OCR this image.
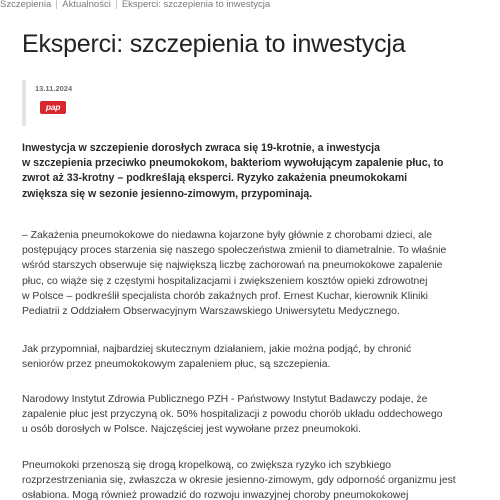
Szczepienia Aktualności Eksperci: szczepienia to inwestycja
Eksperci: szczepienia to inwestycja
13.11.2024
pap

Inwestycja w szczepienie dorosłych zwraca się 19-krotnie, a inwestycja
w szczepienia przeciwko pneumokokom, bakteriom wywołującym zapalenie płuc, to
zwrot aż 33-krotny – podkreślają eksperci. Ryzyko zakażenia pneumokokami
zwiększa się w sezonie jesienno-zimowym, przypominają.

– Zakażenia pneumokokowe do niedawna kojarzone były głównie z chorobami dzieci, ale
postępujący proces starzenia się naszego społeczeństwa zmienił to diametralnie. To właśnie
wśród starszych obserwuje się największą liczbę zachorowań na pneumokokowe zapalenie
płuc, co wiąże się z częstymi hospitalizacjami i zwiększeniem kosztów opieki zdrowotnej
w Polsce – podkreślił specjalista chorób zakaźnych prof. Ernest Kuchar, kierownik Kliniki
Pediatrii z Oddziałem Obserwacyjnym Warszawskiego Uniwersytetu Medycznego.

Jak przypomniał, najbardziej skutecznym działaniem, jakie można podjąć, by chronić
seniorów przez pneumokokowym zapaleniem płuc, są szczepienia.

Narodowy Instytut Zdrowia Publicznego PZH - Państwowy Instytut Badawczy podaje, że
zapalenie płuc jest przyczyną ok. 50% hospitalizacji z powodu chorób układu oddechowego
u osób dorosłych w Polsce. Najczęściej jest wywołane przez pneumokoki.

Pneumokoki przenoszą się drogą kropelkową, co zwiększa ryzyko ich szybkiego
rozprzestrzeniania się, zwłaszcza w okresie jesienno-zimowym, gdy odporność organizmu jest
osłabiona. Mogą również prowadzić do rozwoju inwazyjnej choroby pneumokokowej
